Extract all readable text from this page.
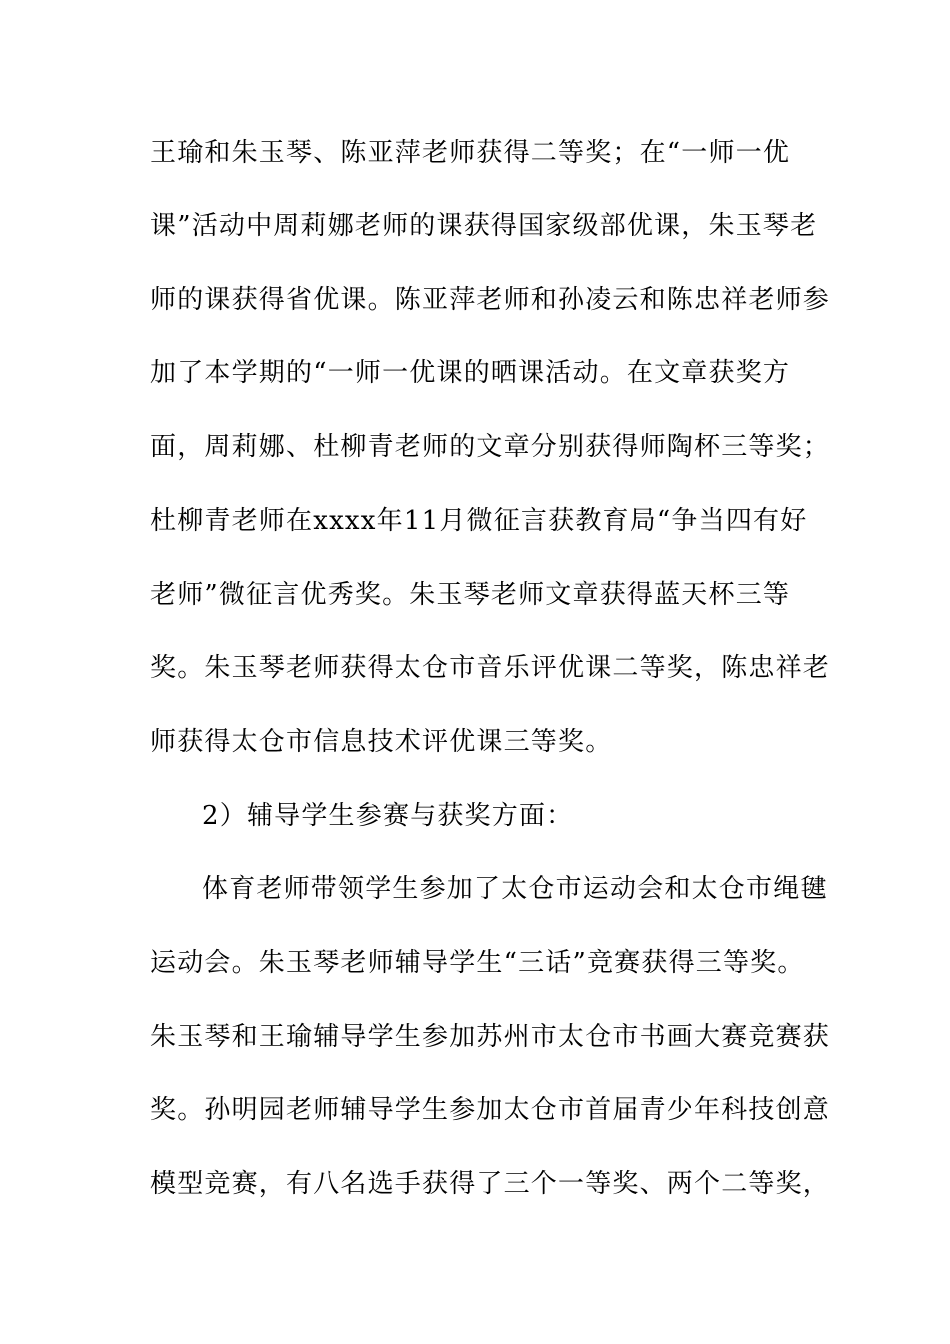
王瑜和朱玉琴、陈亚萍老师获得二等奖；在“一师一优
课”活动中周莉娜老师的课获得国家级部优课，朱玉琴老
师的课获得省优课。陈亚萍老师和孙凌云和陈忠祥老师参
加了本学期的“一师一优课的晒课活动。在文章获奖方
面，周莉娜、杜柳青老师的文章分别获得师陶杯三等奖；
杜柳青老师在xxxx年11月微征言获教育局“争当四有好
老师”微征言优秀奖。朱玉琴老师文章获得蓝天杯三等
奖。朱玉琴老师获得太仓市音乐评优课二等奖，陈忠祥老
师获得太仓市信息技术评优课三等奖。
2）辅导学生参赛与获奖方面：
体育老师带领学生参加了太仓市运动会和太仓市绳毽
运动会。朱玉琴老师辅导学生“三话”竞赛获得三等奖。
朱玉琴和王瑜辅导学生参加苏州市太仓市书画大赛竞赛获
奖。孙明园老师辅导学生参加太仓市首届青少年科技创意
模型竞赛，有八名选手获得了三个一等奖、两个二等奖，
